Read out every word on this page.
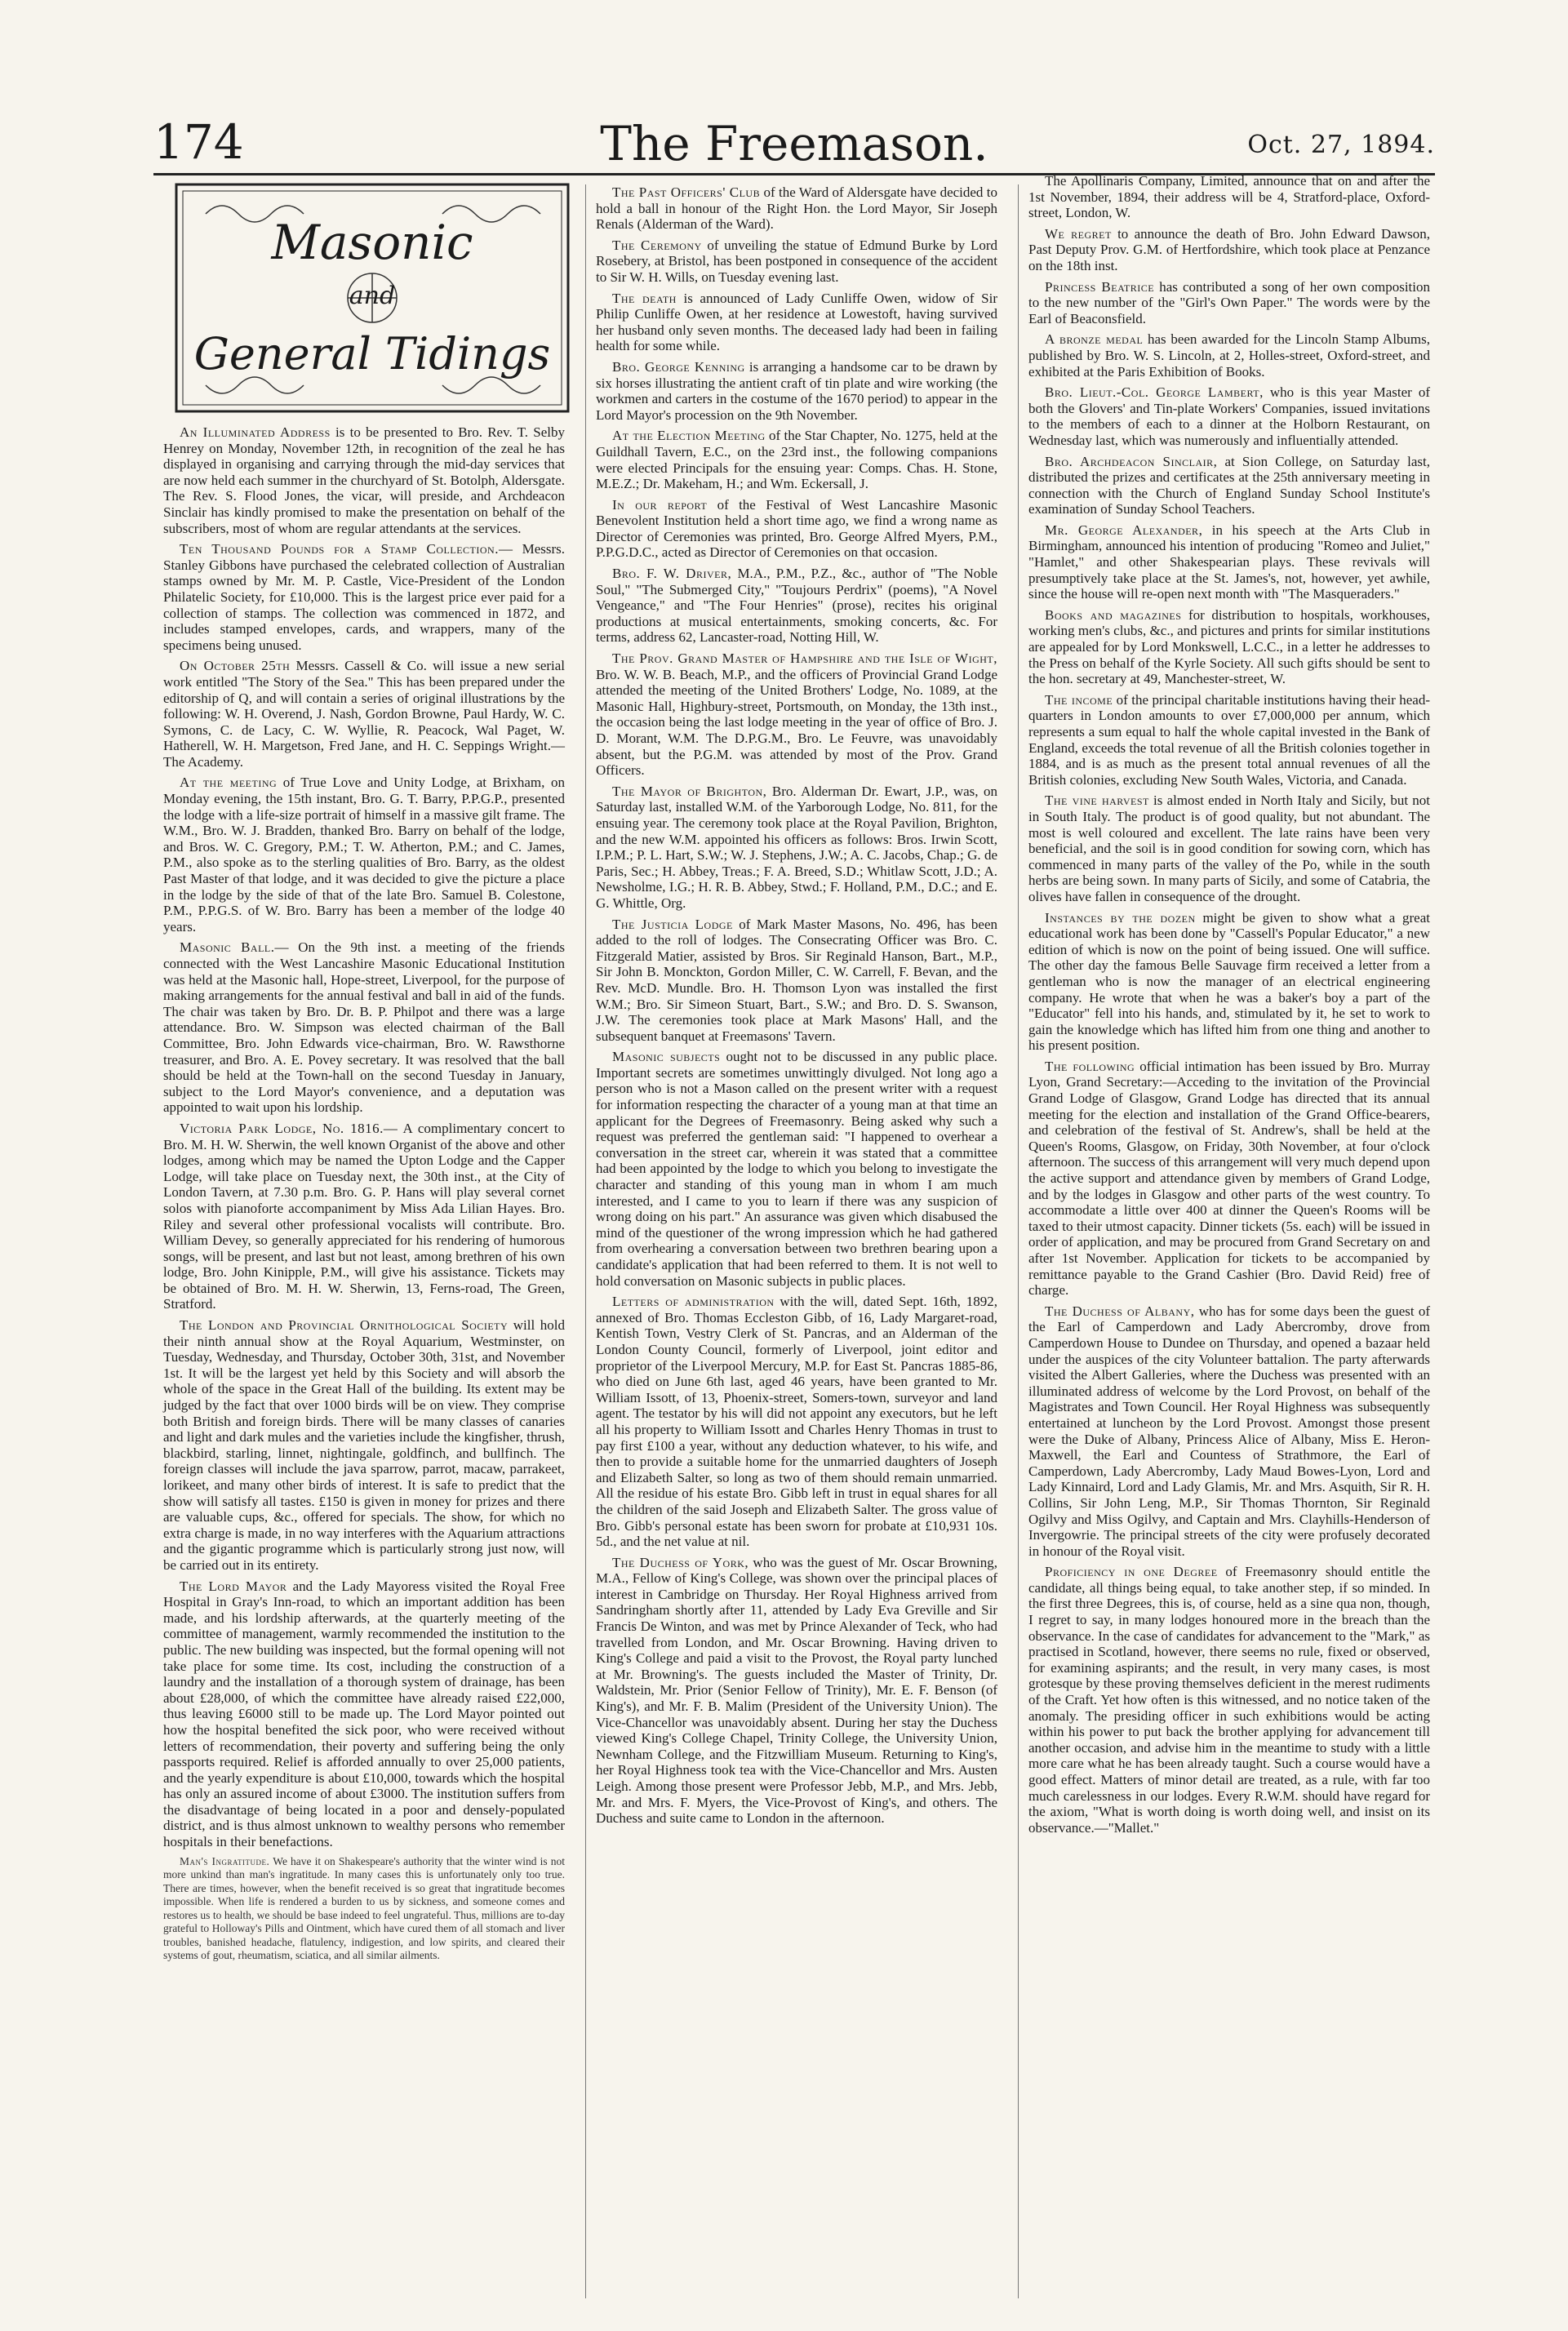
174	The Freemason.	Oct. 27, 1894.
Masonic
and
General Tidings

An Illuminated Address is to be presented to Bro. Rev. T. Selby Henrey on Monday, November 12th, in recognition of the zeal he has displayed in organising and carrying through the mid-day services that are now held each summer in the churchyard of St. Botolph, Aldersgate. The Rev. S. Flood Jones, the vicar, will preside, and Archdeacon Sinclair has kindly promised to make the presentation on behalf of the subscribers, most of whom are regular attendants at the services.

Ten Thousand Pounds for a Stamp Collection.— Messrs. Stanley Gibbons have purchased the celebrated collection of Australian stamps owned by Mr. M. P. Castle, Vice-President of the London Philatelic Society, for £10,000. This is the largest price ever paid for a collection of stamps. The collection was commenced in 1872, and includes stamped envelopes, cards, and wrappers, many of the specimens being unused.

On October 25th Messrs. Cassell & Co. will issue a new serial work entitled "The Story of the Sea." This has been prepared under the editorship of Q, and will contain a series of original illustrations by the following: W. H. Overend, J. Nash, Gordon Browne, Paul Hardy, W. C. Symons, C. de Lacy, C. W. Wyllie, R. Peacock, Wal Paget, W. Hatherell, W. H. Margetson, Fred Jane, and H. C. Seppings Wright.—The Academy.

At the meeting of True Love and Unity Lodge, at Brixham, on Monday evening, the 15th instant, Bro. G. T. Barry, P.P.G.P., presented the lodge with a life-size portrait of himself in a massive gilt frame. The W.M., Bro. W. J. Bradden, thanked Bro. Barry on behalf of the lodge, and Bros. W. C. Gregory, P.M.; T. W. Atherton, P.M.; and C. James, P.M., also spoke as to the sterling qualities of Bro. Barry, as the oldest Past Master of that lodge, and it was decided to give the picture a place in the lodge by the side of that of the late Bro. Samuel B. Colestone, P.M., P.P.G.S. of W. Bro. Barry has been a member of the lodge 40 years.

Masonic Ball.— On the 9th inst. a meeting of the friends connected with the West Lancashire Masonic Educational Institution was held at the Masonic hall, Hope-street, Liverpool, for the purpose of making arrangements for the annual festival and ball in aid of the funds. The chair was taken by Bro. Dr. B. P. Philpot and there was a large attendance. Bro. W. Simpson was elected chairman of the Ball Committee, Bro. John Edwards vice-chairman, Bro. W. Rawsthorne treasurer, and Bro. A. E. Povey secretary. It was resolved that the ball should be held at the Town-hall on the second Tuesday in January, subject to the Lord Mayor's convenience, and a deputation was appointed to wait upon his lordship.

Victoria Park Lodge, No. 1816.— A complimentary concert to Bro. M. H. W. Sherwin, the well known Organist of the above and other lodges, among which may be named the Upton Lodge and the Capper Lodge, will take place on Tuesday next, the 30th inst., at the City of London Tavern, at 7.30 p.m. Bro. G. P. Hans will play several cornet solos with pianoforte accompaniment by Miss Ada Lilian Hayes. Bro. Riley and several other professional vocalists will contribute. Bro. William Devey, so generally appreciated for his rendering of humorous songs, will be present, and last but not least, among brethren of his own lodge, Bro. John Kinipple, P.M., will give his assistance. Tickets may be obtained of Bro. M. H. W. Sherwin, 13, Ferns-road, The Green, Stratford.

The London and Provincial Ornithological Society will hold their ninth annual show at the Royal Aquarium, Westminster, on Tuesday, Wednesday, and Thursday, October 30th, 31st, and November 1st. It will be the largest yet held by this Society and will absorb the whole of the space in the Great Hall of the building. Its extent may be judged by the fact that over 1000 birds will be on view. They comprise both British and foreign birds. There will be many classes of canaries and light and dark mules and the varieties include the kingfisher, thrush, blackbird, starling, linnet, nightingale, goldfinch, and bullfinch. The foreign classes will include the java sparrow, parrot, macaw, parrakeet, lorikeet, and many other birds of interest. It is safe to predict that the show will satisfy all tastes. £150 is given in money for prizes and there are valuable cups, &c., offered for specials. The show, for which no extra charge is made, in no way interferes with the Aquarium attractions and the gigantic programme which is particularly strong just now, will be carried out in its entirety.

The Lord Mayor and the Lady Mayoress visited the Royal Free Hospital in Gray's Inn-road, to which an important addition has been made, and his lordship afterwards, at the quarterly meeting of the committee of management, warmly recommended the institution to the public. The new building was inspected, but the formal opening will not take place for some time. Its cost, including the construction of a laundry and the installation of a thorough system of drainage, has been about £28,000, of which the committee have already raised £22,000, thus leaving £6000 still to be made up. The Lord Mayor pointed out how the hospital benefited the sick poor, who were received without letters of recommendation, their poverty and suffering being the only passports required. Relief is afforded annually to over 25,000 patients, and the yearly expenditure is about £10,000, towards which the hospital has only an assured income of about £3000. The institution suffers from the disadvantage of being located in a poor and densely-populated district, and is thus almost unknown to wealthy persons who remember hospitals in their benefactions.

Man's Ingratitude. We have it on Shakespeare's authority that the winter wind is not more unkind than man's ingratitude. In many cases this is unfortunately only too true. There are times, however, when the benefit received is so great that ingratitude becomes impossible. When life is rendered a burden to us by sickness, and someone comes and restores us to health, we should be base indeed to feel ungrateful. Thus, millions are to-day grateful to Holloway's Pills and Ointment, which have cured them of all stomach and liver troubles, banished headache, flatulency, indigestion, and low spirits, and cleared their systems of gout, rheumatism, sciatica, and all similar ailments.

The Past Officers' Club of the Ward of Aldersgate have decided to hold a ball in honour of the Right Hon. the Lord Mayor, Sir Joseph Renals (Alderman of the Ward).

The Ceremony of unveiling the statue of Edmund Burke by Lord Rosebery, at Bristol, has been postponed in consequence of the accident to Sir W. H. Wills, on Tuesday evening last.

The death is announced of Lady Cunliffe Owen, widow of Sir Philip Cunliffe Owen, at her residence at Lowestoft, having survived her husband only seven months. The deceased lady had been in failing health for some while.

Bro. George Kenning is arranging a handsome car to be drawn by six horses illustrating the antient craft of tin plate and wire working (the workmen and carters in the costume of the 1670 period) to appear in the Lord Mayor's procession on the 9th November.

At the Election Meeting of the Star Chapter, No. 1275, held at the Guildhall Tavern, E.C., on the 23rd inst., the following companions were elected Principals for the ensuing year: Comps. Chas. H. Stone, M.E.Z.; Dr. Makeham, H.; and Wm. Eckersall, J.

In our report of the Festival of West Lancashire Masonic Benevolent Institution held a short time ago, we find a wrong name as Director of Ceremonies was printed, Bro. George Alfred Myers, P.M., P.P.G.D.C., acted as Director of Ceremonies on that occasion.

Bro. F. W. Driver, M.A., P.M., P.Z., &c., author of "The Noble Soul," "The Submerged City," "Toujours Perdrix" (poems), "A Novel Vengeance," and "The Four Henries" (prose), recites his original productions at musical entertainments, smoking concerts, &c. For terms, address 62, Lancaster-road, Notting Hill, W.

The Prov. Grand Master of Hampshire and the Isle of Wight, Bro. W. W. B. Beach, M.P., and the officers of Provincial Grand Lodge attended the meeting of the United Brothers' Lodge, No. 1089, at the Masonic Hall, Highbury-street, Portsmouth, on Monday, the 13th inst., the occasion being the last lodge meeting in the year of office of Bro. J. D. Morant, W.M. The D.P.G.M., Bro. Le Feuvre, was unavoidably absent, but the P.G.M. was attended by most of the Prov. Grand Officers.

The Mayor of Brighton, Bro. Alderman Dr. Ewart, J.P., was, on Saturday last, installed W.M. of the Yarborough Lodge, No. 811, for the ensuing year. The ceremony took place at the Royal Pavilion, Brighton, and the new W.M. appointed his officers as follows: Bros. Irwin Scott, I.P.M.; P. L. Hart, S.W.; W. J. Stephens, J.W.; A. C. Jacobs, Chap.; G. de Paris, Sec.; H. Abbey, Treas.; F. A. Breed, S.D.; Whitlaw Scott, J.D.; A. Newsholme, I.G.; H. R. B. Abbey, Stwd.; F. Holland, P.M., D.C.; and E. G. Whittle, Org.

The Justicia Lodge of Mark Master Masons, No. 496, has been added to the roll of lodges. The Consecrating Officer was Bro. C. Fitzgerald Matier, assisted by Bros. Sir Reginald Hanson, Bart., M.P., Sir John B. Monckton, Gordon Miller, C. W. Carrell, F. Bevan, and the Rev. McD. Mundle. Bro. H. Thomson Lyon was installed the first W.M.; Bro. Sir Simeon Stuart, Bart., S.W.; and Bro. D. S. Swanson, J.W. The ceremonies took place at Mark Masons' Hall, and the subsequent banquet at Freemasons' Tavern.

Masonic subjects ought not to be discussed in any public place. Important secrets are sometimes unwittingly divulged. Not long ago a person who is not a Mason called on the present writer with a request for information respecting the character of a young man at that time an applicant for the Degrees of Freemasonry. Being asked why such a request was preferred the gentleman said: "I happened to overhear a conversation in the street car, wherein it was stated that a committee had been appointed by the lodge to which you belong to investigate the character and standing of this young man in whom I am much interested, and I came to you to learn if there was any suspicion of wrong doing on his part." An assurance was given which disabused the mind of the questioner of the wrong impression which he had gathered from overhearing a conversation between two brethren bearing upon a candidate's application that had been referred to them. It is not well to hold conversation on Masonic subjects in public places.

Letters of administration with the will, dated Sept. 16th, 1892, annexed of Bro. Thomas Eccleston Gibb, of 16, Lady Margaret-road, Kentish Town, Vestry Clerk of St. Pancras, and an Alderman of the London County Council, formerly of Liverpool, joint editor and proprietor of the Liverpool Mercury, M.P. for East St. Pancras 1885-86, who died on June 6th last, aged 46 years, have been granted to Mr. William Issott, of 13, Phoenix-street, Somers-town, surveyor and land agent. The testator by his will did not appoint any executors, but he left all his property to William Issott and Charles Henry Thomas in trust to pay first £100 a year, without any deduction whatever, to his wife, and then to provide a suitable home for the unmarried daughters of Joseph and Elizabeth Salter, so long as two of them should remain unmarried. All the residue of his estate Bro. Gibb left in trust in equal shares for all the children of the said Joseph and Elizabeth Salter. The gross value of Bro. Gibb's personal estate has been sworn for probate at £10,931 10s. 5d., and the net value at nil.

The Duchess of York, who was the guest of Mr. Oscar Browning, M.A., Fellow of King's College, was shown over the principal places of interest in Cambridge on Thursday. Her Royal Highness arrived from Sandringham shortly after 11, attended by Lady Eva Greville and Sir Francis De Winton, and was met by Prince Alexander of Teck, who had travelled from London, and Mr. Oscar Browning. Having driven to King's College and paid a visit to the Provost, the Royal party lunched at Mr. Browning's. The guests included the Master of Trinity, Dr. Waldstein, Mr. Prior (Senior Fellow of Trinity), Mr. E. F. Benson (of King's), and Mr. F. B. Malim (President of the University Union). The Vice-Chancellor was unavoidably absent. During her stay the Duchess viewed King's College Chapel, Trinity College, the University Union, Newnham College, and the Fitzwilliam Museum. Returning to King's, her Royal Highness took tea with the Vice-Chancellor and Mrs. Austen Leigh. Among those present were Professor Jebb, M.P., and Mrs. Jebb, Mr. and Mrs. F. Myers, the Vice-Provost of King's, and others. The Duchess and suite came to London in the afternoon.

The Apollinaris Company, Limited, announce that on and after the 1st November, 1894, their address will be 4, Stratford-place, Oxford-street, London, W.

We regret to announce the death of Bro. John Edward Dawson, Past Deputy Prov. G.M. of Hertfordshire, which took place at Penzance on the 18th inst.

Princess Beatrice has contributed a song of her own composition to the new number of the "Girl's Own Paper." The words were by the Earl of Beaconsfield.

A bronze medal has been awarded for the Lincoln Stamp Albums, published by Bro. W. S. Lincoln, at 2, Holles-street, Oxford-street, and exhibited at the Paris Exhibition of Books.

Bro. Lieut.-Col. George Lambert, who is this year Master of both the Glovers' and Tin-plate Workers' Companies, issued invitations to the members of each to a dinner at the Holborn Restaurant, on Wednesday last, which was numerously and influentially attended.

Bro. Archdeacon Sinclair, at Sion College, on Saturday last, distributed the prizes and certificates at the 25th anniversary meeting in connection with the Church of England Sunday School Institute's examination of Sunday School Teachers.

Mr. George Alexander, in his speech at the Arts Club in Birmingham, announced his intention of producing "Romeo and Juliet," "Hamlet," and other Shakespearian plays. These revivals will presumptively take place at the St. James's, not, however, yet awhile, since the house will re-open next month with "The Masqueraders."

Books and magazines for distribution to hospitals, workhouses, working men's clubs, &c., and pictures and prints for similar institutions are appealed for by Lord Monkswell, L.C.C., in a letter he addresses to the Press on behalf of the Kyrle Society. All such gifts should be sent to the hon. secretary at 49, Manchester-street, W.

The income of the principal charitable institutions having their head-quarters in London amounts to over £7,000,000 per annum, which represents a sum equal to half the whole capital invested in the Bank of England, exceeds the total revenue of all the British colonies together in 1884, and is as much as the present total annual revenues of all the British colonies, excluding New South Wales, Victoria, and Canada.

The vine harvest is almost ended in North Italy and Sicily, but not in South Italy. The product is of good quality, but not abundant. The most is well coloured and excellent. The late rains have been very beneficial, and the soil is in good condition for sowing corn, which has commenced in many parts of the valley of the Po, while in the south herbs are being sown. In many parts of Sicily, and some of Catabria, the olives have fallen in consequence of the drought.

Instances by the dozen might be given to show what a great educational work has been done by "Cassell's Popular Educator," a new edition of which is now on the point of being issued. One will suffice. The other day the famous Belle Sauvage firm received a letter from a gentleman who is now the manager of an electrical engineering company. He wrote that when he was a baker's boy a part of the "Educator" fell into his hands, and, stimulated by it, he set to work to gain the knowledge which has lifted him from one thing and another to his present position.

The following official intimation has been issued by Bro. Murray Lyon, Grand Secretary:—Acceding to the invitation of the Provincial Grand Lodge of Glasgow, Grand Lodge has directed that its annual meeting for the election and installation of the Grand Office-bearers, and celebration of the festival of St. Andrew's, shall be held at the Queen's Rooms, Glasgow, on Friday, 30th November, at four o'clock afternoon. The success of this arrangement will very much depend upon the active support and attendance given by members of Grand Lodge, and by the lodges in Glasgow and other parts of the west country. To accommodate a little over 400 at dinner the Queen's Rooms will be taxed to their utmost capacity. Dinner tickets (5s. each) will be issued in order of application, and may be procured from Grand Secretary on and after 1st November. Application for tickets to be accompanied by remittance payable to the Grand Cashier (Bro. David Reid) free of charge.

The Duchess of Albany, who has for some days been the guest of the Earl of Camperdown and Lady Abercromby, drove from Camperdown House to Dundee on Thursday, and opened a bazaar held under the auspices of the city Volunteer battalion. The party afterwards visited the Albert Galleries, where the Duchess was presented with an illuminated address of welcome by the Lord Provost, on behalf of the Magistrates and Town Council. Her Royal Highness was subsequently entertained at luncheon by the Lord Provost. Amongst those present were the Duke of Albany, Princess Alice of Albany, Miss E. Heron-Maxwell, the Earl and Countess of Strathmore, the Earl of Camperdown, Lady Abercromby, Lady Maud Bowes-Lyon, Lord and Lady Kinnaird, Lord and Lady Glamis, Mr. and Mrs. Asquith, Sir R. H. Collins, Sir John Leng, M.P., Sir Thomas Thornton, Sir Reginald Ogilvy and Miss Ogilvy, and Captain and Mrs. Clayhills-Henderson of Invergowrie. The principal streets of the city were profusely decorated in honour of the Royal visit.

Proficiency in one Degree of Freemasonry should entitle the candidate, all things being equal, to take another step, if so minded. In the first three Degrees, this is, of course, held as a sine qua non, though, I regret to say, in many lodges honoured more in the breach than the observance. In the case of candidates for advancement to the "Mark," as practised in Scotland, however, there seems no rule, fixed or observed, for examining aspirants; and the result, in very many cases, is most grotesque by these proving themselves deficient in the merest rudiments of the Craft. Yet how often is this witnessed, and no notice taken of the anomaly. The presiding officer in such exhibitions would be acting within his power to put back the brother applying for advancement till another occasion, and advise him in the meantime to study with a little more care what he has been already taught. Such a course would have a good effect. Matters of minor detail are treated, as a rule, with far too much carelessness in our lodges. Every R.W.M. should have regard for the axiom, "What is worth doing is worth doing well, and insist on its observance.—"Mallet."
